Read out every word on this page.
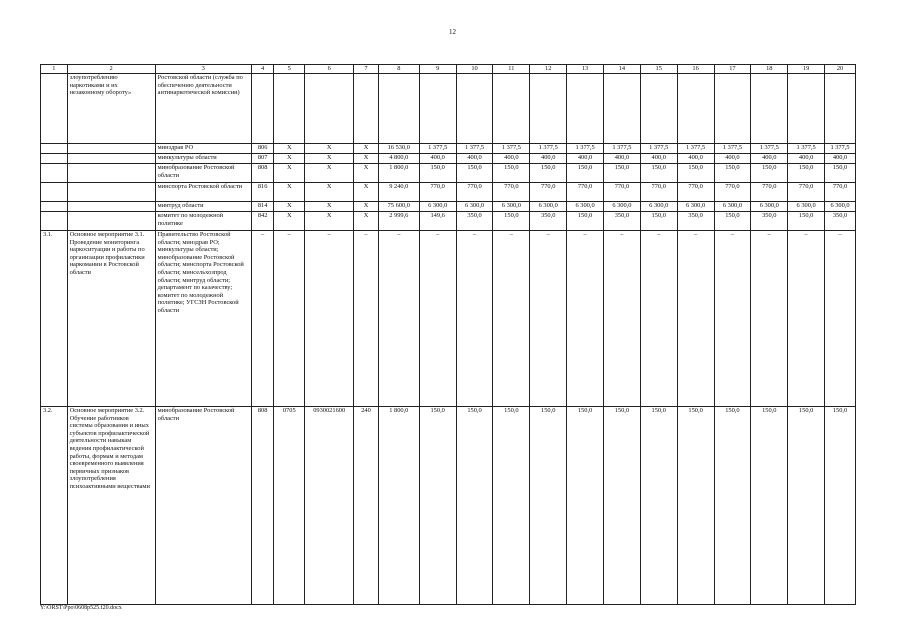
12
1	2	3	4	5	6	7	8	9	10	11	12	13	14	15	16	17	18	19	20
	злоупотреблению наркотиками и их незаконному обороту»	Ростовской области (служба по обеспечению деятельности антинаркотической комиссии)																	
		минздрав РО	806	Х	Х	Х	16 530,0	1 377,5	1 377,5	1 377,5	1 377,5	1 377,5	1 377,5	1 377,5	1 377,5	1 377,5	1 377,5	1 377,5	1 377,5
		минкультуры области	807	Х	Х	Х	4 800,0	400,0	400,0	400,0	400,0	400,0	400,0	400,0	400,0	400,0	400,0	400,0	400,0
		минобразование Ростовской области	808	Х	Х	Х	1 800,0	150,0	150,0	150,0	150,0	150,0	150,0	150,0	150,0	150,0	150,0	150,0	150,0
		минспорта Ростовской области	816	Х	Х	Х	9 240,0	770,0	770,0	770,0	770,0	770,0	770,0	770,0	770,0	770,0	770,0	770,0	770,0
		минтруд области	814	Х	Х	Х	75 600,0	6 300,0	6 300,0	6 300,0	6 300,0	6 300,0	6 300,0	6 300,0	6 300,0	6 300,0	6 300,0	6 300,0	6 300,0
		комитет по молодежной политике	842	Х	Х	Х	2 999,6	149,6	350,0	150,0	350,0	150,0	350,0	150,0	350,0	150,0	350,0	150,0	350,0
3.1.	Основное мероприятие 3.1. Проведение мониторинга наркоситуации и работы по организации профилактики наркомании в Ростовской области	Правительство Ростовской области; минздрав РО; минкультуры области; минобразование Ростовской области; минспорта Ростовской области; минсельхозпрод области; минтруд области; департамент по казачеству; комитет по молодежной политике; УГСЗН Ростовской области	–	–	–	–	–	–	–	–	–	–	–	–	–	–	–	–	–
3.2.	Основное мероприятие 3.2. Обучение работников системы образования и иных субъектов профилактической деятельности навыкам ведения профилактической работы, формам и методам своевременного выявления первичных признаков злоупотребления психоактивными веществами	минобразование Ростовской области	808	0705	0930021600	240	1 800,0	150,0	150,0	150,0	150,0	150,0	150,0	150,0	150,0	150,0	150,0	150,0	150,0
Y:\ORST\Ppo\0608p525.f20.docx
